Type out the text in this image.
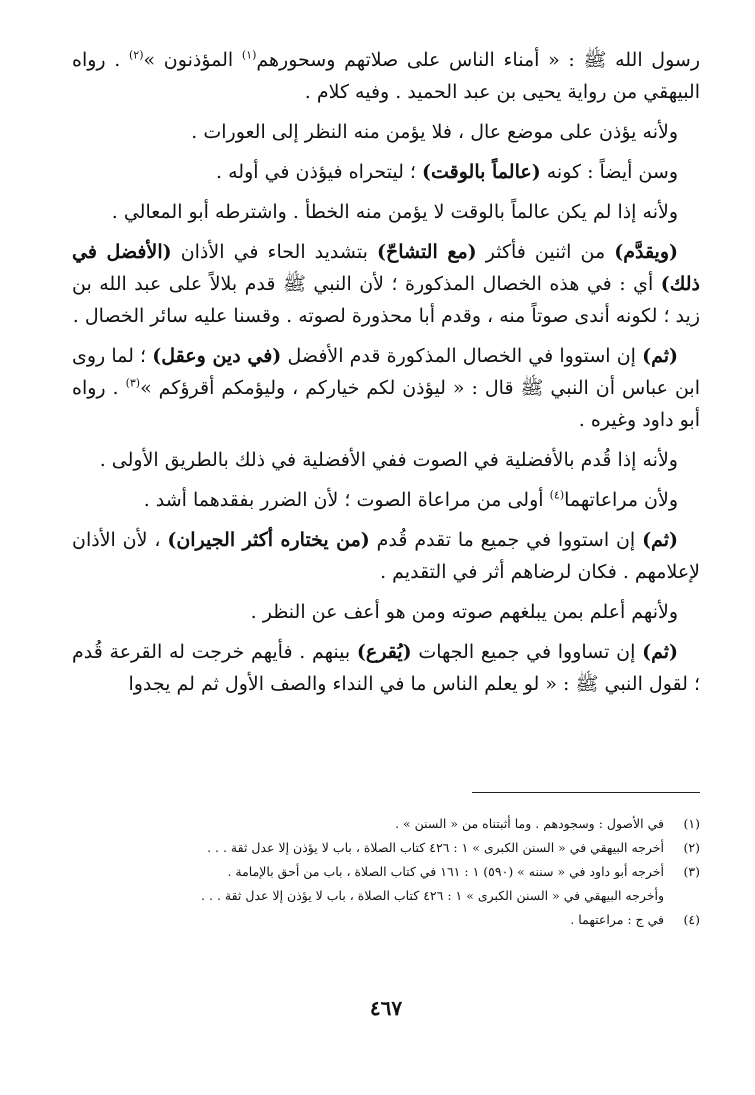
رسول الله ﷺ : « أمناء الناس على صلاتهم وسحورهم$^{(١)}$ المؤذنون »$^{(٢)}$ . رواه البيهقي من رواية يحيى بن عبد الحميد . وفيه كلام .

ولأنه يؤذن على موضع عال ، فلا يؤمن منه النظر إلى العورات .

وسن أيضاً : كونه (عالماً بالوقت) ؛ ليتحراه فيؤذن في أوله .

ولأنه إذا لم يكن عالماً بالوقت لا يؤمن منه الخطأ . واشترطه أبو المعالي .

(ويقدَّم) من اثنين فأكثر (مع التشاحّ) بتشديد الحاء في الأذان (الأفضل في ذلك) أي : في هذه الخصال المذكورة ؛ لأن النبي ﷺ قدم بلالاً على عبد الله بن زيد ؛ لكونه أندى صوتاً منه ، وقدم أبا محذورة لصوته . وقسنا عليه سائر الخصال .

(ثم) إن استووا في الخصال المذكورة قدم الأفضل (في دين وعقل) ؛ لما روى ابن عباس أن النبي ﷺ قال : « ليؤذن لكم خياركم ، وليؤمكم أقرؤكم »$^{(٣)}$ . رواه أبو داود وغيره .

ولأنه إذا قُدم بالأفضلية في الصوت ففي الأفضلية في ذلك بالطريق الأولى .

ولأن مراعاتهما$^{(٤)}$ أولى من مراعاة الصوت ؛ لأن الضرر بفقدهما أشد .

(ثم) إن استووا في جميع ما تقدم قُدم (من يختاره أكثر الجيران) ، لأن الأذان لإعلامهم . فكان لرضاهم أثر في التقديم .

ولأنهم أعلم بمن يبلغهم صوته ومن هو أعف عن النظر .

(ثم) إن تساووا في جميع الجهات (يُقرع) بينهم . فأيهم خرجت له القرعة قُدم ؛ لقول النبي ﷺ : « لو يعلم الناس ما في النداء والصف الأول ثم لم يجدوا

(١)
في الأصول : وسجودهم . وما أثبتناه من « السنن » .
(٢)
أخرجه البيهقي في « السنن الكبرى » ١ : ٤٢٦ كتاب الصلاة ، باب لا يؤذن إلا عدل ثقة . . .
(٣)
أخرجه أبو داود في « سننه » (٥٩٠) ١ : ١٦١ في كتاب الصلاة ، باب من أحق بالإمامة .
وأخرجه البيهقي في « السنن الكبرى » ١ : ٤٢٦ كتاب الصلاة ، باب لا يؤذن إلا عدل ثقة . . .
(٤)
في ج : مراعتهما .
٤٦٧
